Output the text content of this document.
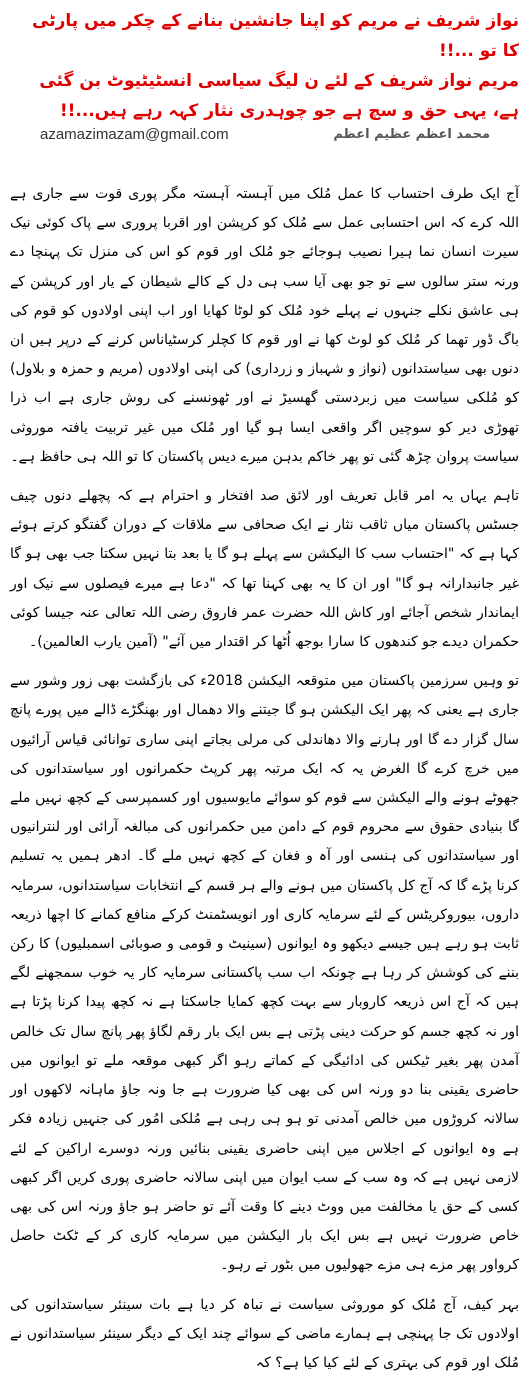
نواز شریف نے مریم کو اپنا جانشین بنانے کے چکر میں پارٹی کا تو ...!!

مریم نواز شریف کے لئے ن لیگ سیاسی انسٹیٹیوٹ بن گئی ہے، یہی حق و سچ ہے جو چوہدری نثار کہہ رہے ہیں...!!

محمد اعظم عظیم اعظم
azamazimazam@gmail.com

آج ایک طرف احتساب کا عمل مُلک میں آہستہ آہستہ مگر پوری قوت سے جاری ہے اللہ کرے کہ اس احتسابی عمل سے مُلک کو کرپشن اور اقربا پروری سے پاک کوئی نیک سیرت انسان نما ہیرا نصیب ہوجائے جو مُلک اور قوم کو اس کی منزل تک پہنچا دے ورنہ ستر سالوں سے تو جو بھی آیا سب ہی دل کے کالے شیطان کے یار اور کرپشن کے ہی عاشق نکلے جنہوں نے پہلے خود مُلک کو لوٹا کھایا اور اب اپنی اولادوں کو قوم کی باگ ڈور تھما کر مُلک کو لوٹ کھا نے اور قوم کا کچلر کرسٹیاناس کرنے کے درپر ہیں ان دنوں بھی سیاستدانوں (نواز و شہباز و زرداری) کی اپنی اولادوں (مریم و حمزہ و بلاول) کو مُلکی سیاست میں زبردستی گھسیڑ نے اور ٹھونسنے کی روش جاری ہے اب ذرا تھوڑی دیر کو سوچیں اگر واقعی ایسا ہو گیا اور مُلک میں غیر تربیت یافتہ موروثی سیاست پروان چڑھ گئی تو پھر خاکم بدہن میرے دیس پاکستان کا تو اللہ ہی حافظ ہے۔

تاہم یہاں یہ امر قابل تعریف اور لائق صد افتخار و احترام ہے کہ پچھلے دنوں چیف جسٹس پاکستان میاں ثاقب نثار نے ایک صحافی سے ملاقات کے دوران گفتگو کرتے ہوئے کہا ہے کہ "احتساب سب کا الیکشن سے پہلے ہو گا یا بعد بتا نہیں سکتا جب بھی ہو گا غیر جانبدارانہ ہو گا" اور ان کا یہ بھی کہنا تھا کہ "دعا ہے میرے فیصلوں سے نیک اور ایماندار شخص آجائے اور کاش اللہ حضرت عمر فاروق رضی اللہ تعالی عنہ جیسا کوئی حکمران دیدے جو کندھوں کا سارا بوجھ اُٹھا کر اقتدار میں آئے" (آمین یارب العالمین)۔

تو وہیں سرزمین پاکستان میں متوقعہ الیکشن 2018ء کی بازگشت بھی زور وشور سے جاری ہے یعنی کہ پھر ایک الیکشن ہو گا جیتنے والا دھمال اور بھنگڑے ڈالے میں پورے پانچ سال گزار دے گا اور ہارنے والا دھاندلی کی مرلی بجاتے اپنی ساری توانائی قیاس آرائیوں میں خرچ کرے گا الغرض یہ کہ ایک مرتبہ پھر کرپٹ حکمرانوں اور سیاستدانوں کی جھوٹے ہونے والے الیکشن سے قوم کو سوائے مایوسیوں اور کسمپرسی کے کچھ نہیں ملے گا بنیادی حقوق سے محروم قوم کے دامن میں حکمرانوں کی مبالغہ آرائی اور لنترانیوں اور سیاستدانوں کی ہنسی اور آہ و فغان کے کچھ نہیں ملے گا۔ ادھر ہمیں یہ تسلیم کرنا پڑے گا کہ آج کل پاکستان میں ہونے والے ہر قسم کے انتخابات سیاستدانوں، سرمایہ داروں، بیوروکریٹس کے لئے سرمایہ کاری اور انویسٹمنٹ کرکے منافع کمانے کا اچھا ذریعہ ثابت ہو رہے ہیں جیسے دیکھو وہ ایوانوں (سینیٹ و قومی و صوبائی اسمبلیوں) کا رکن بننے کی کوشش کر رہا ہے چونکہ اب سب پاکستانی سرمایہ کار یہ خوب سمجھنے لگے ہیں کہ آج اس ذریعہ کاروبار سے بہت کچھ کمایا جاسکتا ہے نہ کچھ پیدا کرنا پڑتا ہے اور نہ کچھ جسم کو حرکت دینی پڑتی ہے بس ایک بار رقم لگاؤ پھر پانچ سال تک خالص آمدن پھر بغیر ٹیکس کی ادائیگی کے کماتے رہو اگر کبھی موقعہ ملے تو ایوانوں میں حاضری یقینی بنا دو ورنہ اس کی بھی کیا ضرورت ہے جا ونہ جاؤ ماہانہ لاکھوں اور سالانہ کروڑوں میں خالص آمدنی تو ہو ہی رہی ہے مُلکی امُور کی جنہیں زیادہ فکر ہے وہ ایوانوں کے اجلاس میں اپنی حاضری یقینی بنائیں ورنہ دوسرے اراکین کے لئے لازمی نہیں ہے کہ وہ سب کے سب ایوان میں اپنی سالانہ حاضری پوری کریں اگر کبھی کسی کے حق یا مخالفت میں ووٹ دینے کا وقت آئے تو حاضر ہو جاؤ ورنہ اس کی بھی خاص ضرورت نہیں ہے بس ایک بار الیکشن میں سرمایہ کاری کر کے ٹکٹ حاصل کرواور پھر مزے ہی مزے جھولیوں میں بٹور تے رہو۔

بہر کیف، آج مُلک کو موروثی سیاست نے تباہ کر دیا ہے بات سینئر سیاستدانوں کی اولادوں تک جا پہنچی ہے ہمارے ماضی کے سوائے چند ایک کے دیگر سینئر سیاستدانوں نے مُلک اور قوم کی بہتری کے لئے کیا کیا ہے؟ کہ
